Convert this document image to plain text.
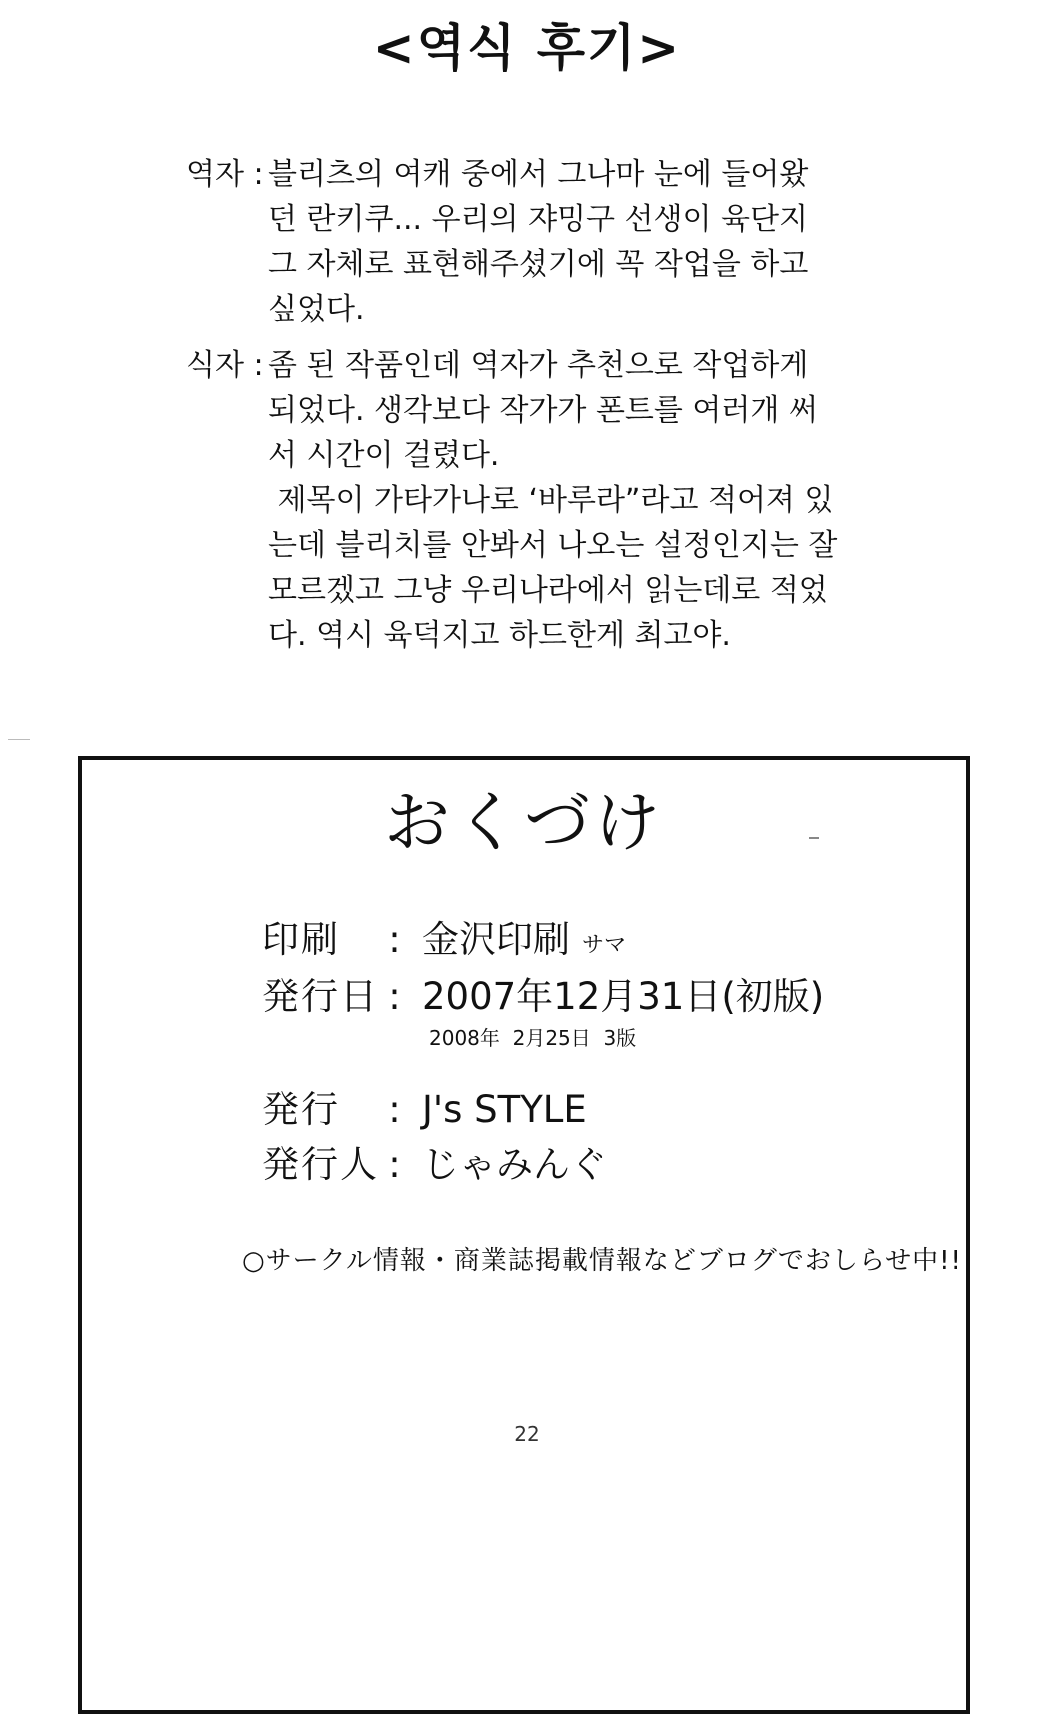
<역식 후기>
역자 :
블리츠의 여캐 중에서 그나마 눈에 들어왔
던 란키쿠... 우리의 쟈밍구 선생이 육단지
그 자체로 표현해주셨기에 꼭 작업을 하고
싶었다.
식자 :
좀 된 작품인데 역자가 추천으로 작업하게
되었다. 생각보다 작가가 폰트를 여러개 써
서 시간이 걸렸다.
제목이 가타가나로 ‘바루라”라고 적어져 있
는데 블리치를 안봐서 나오는 설정인지는 잘
모르겠고 그냥 우리나라에서 읽는데로 적었
다. 역시 육덕지고 하드한게 최고야.
おくづけ
印刷	: 金沢印刷 サマ
発行日 : 2007年12月31日(初版)
2008年  2月25日  3版
発行	: J's STYLE
発行人 : じゃみんぐ
○サークル情報・商業誌掲載情報などブログでおしらせ中!!
22
